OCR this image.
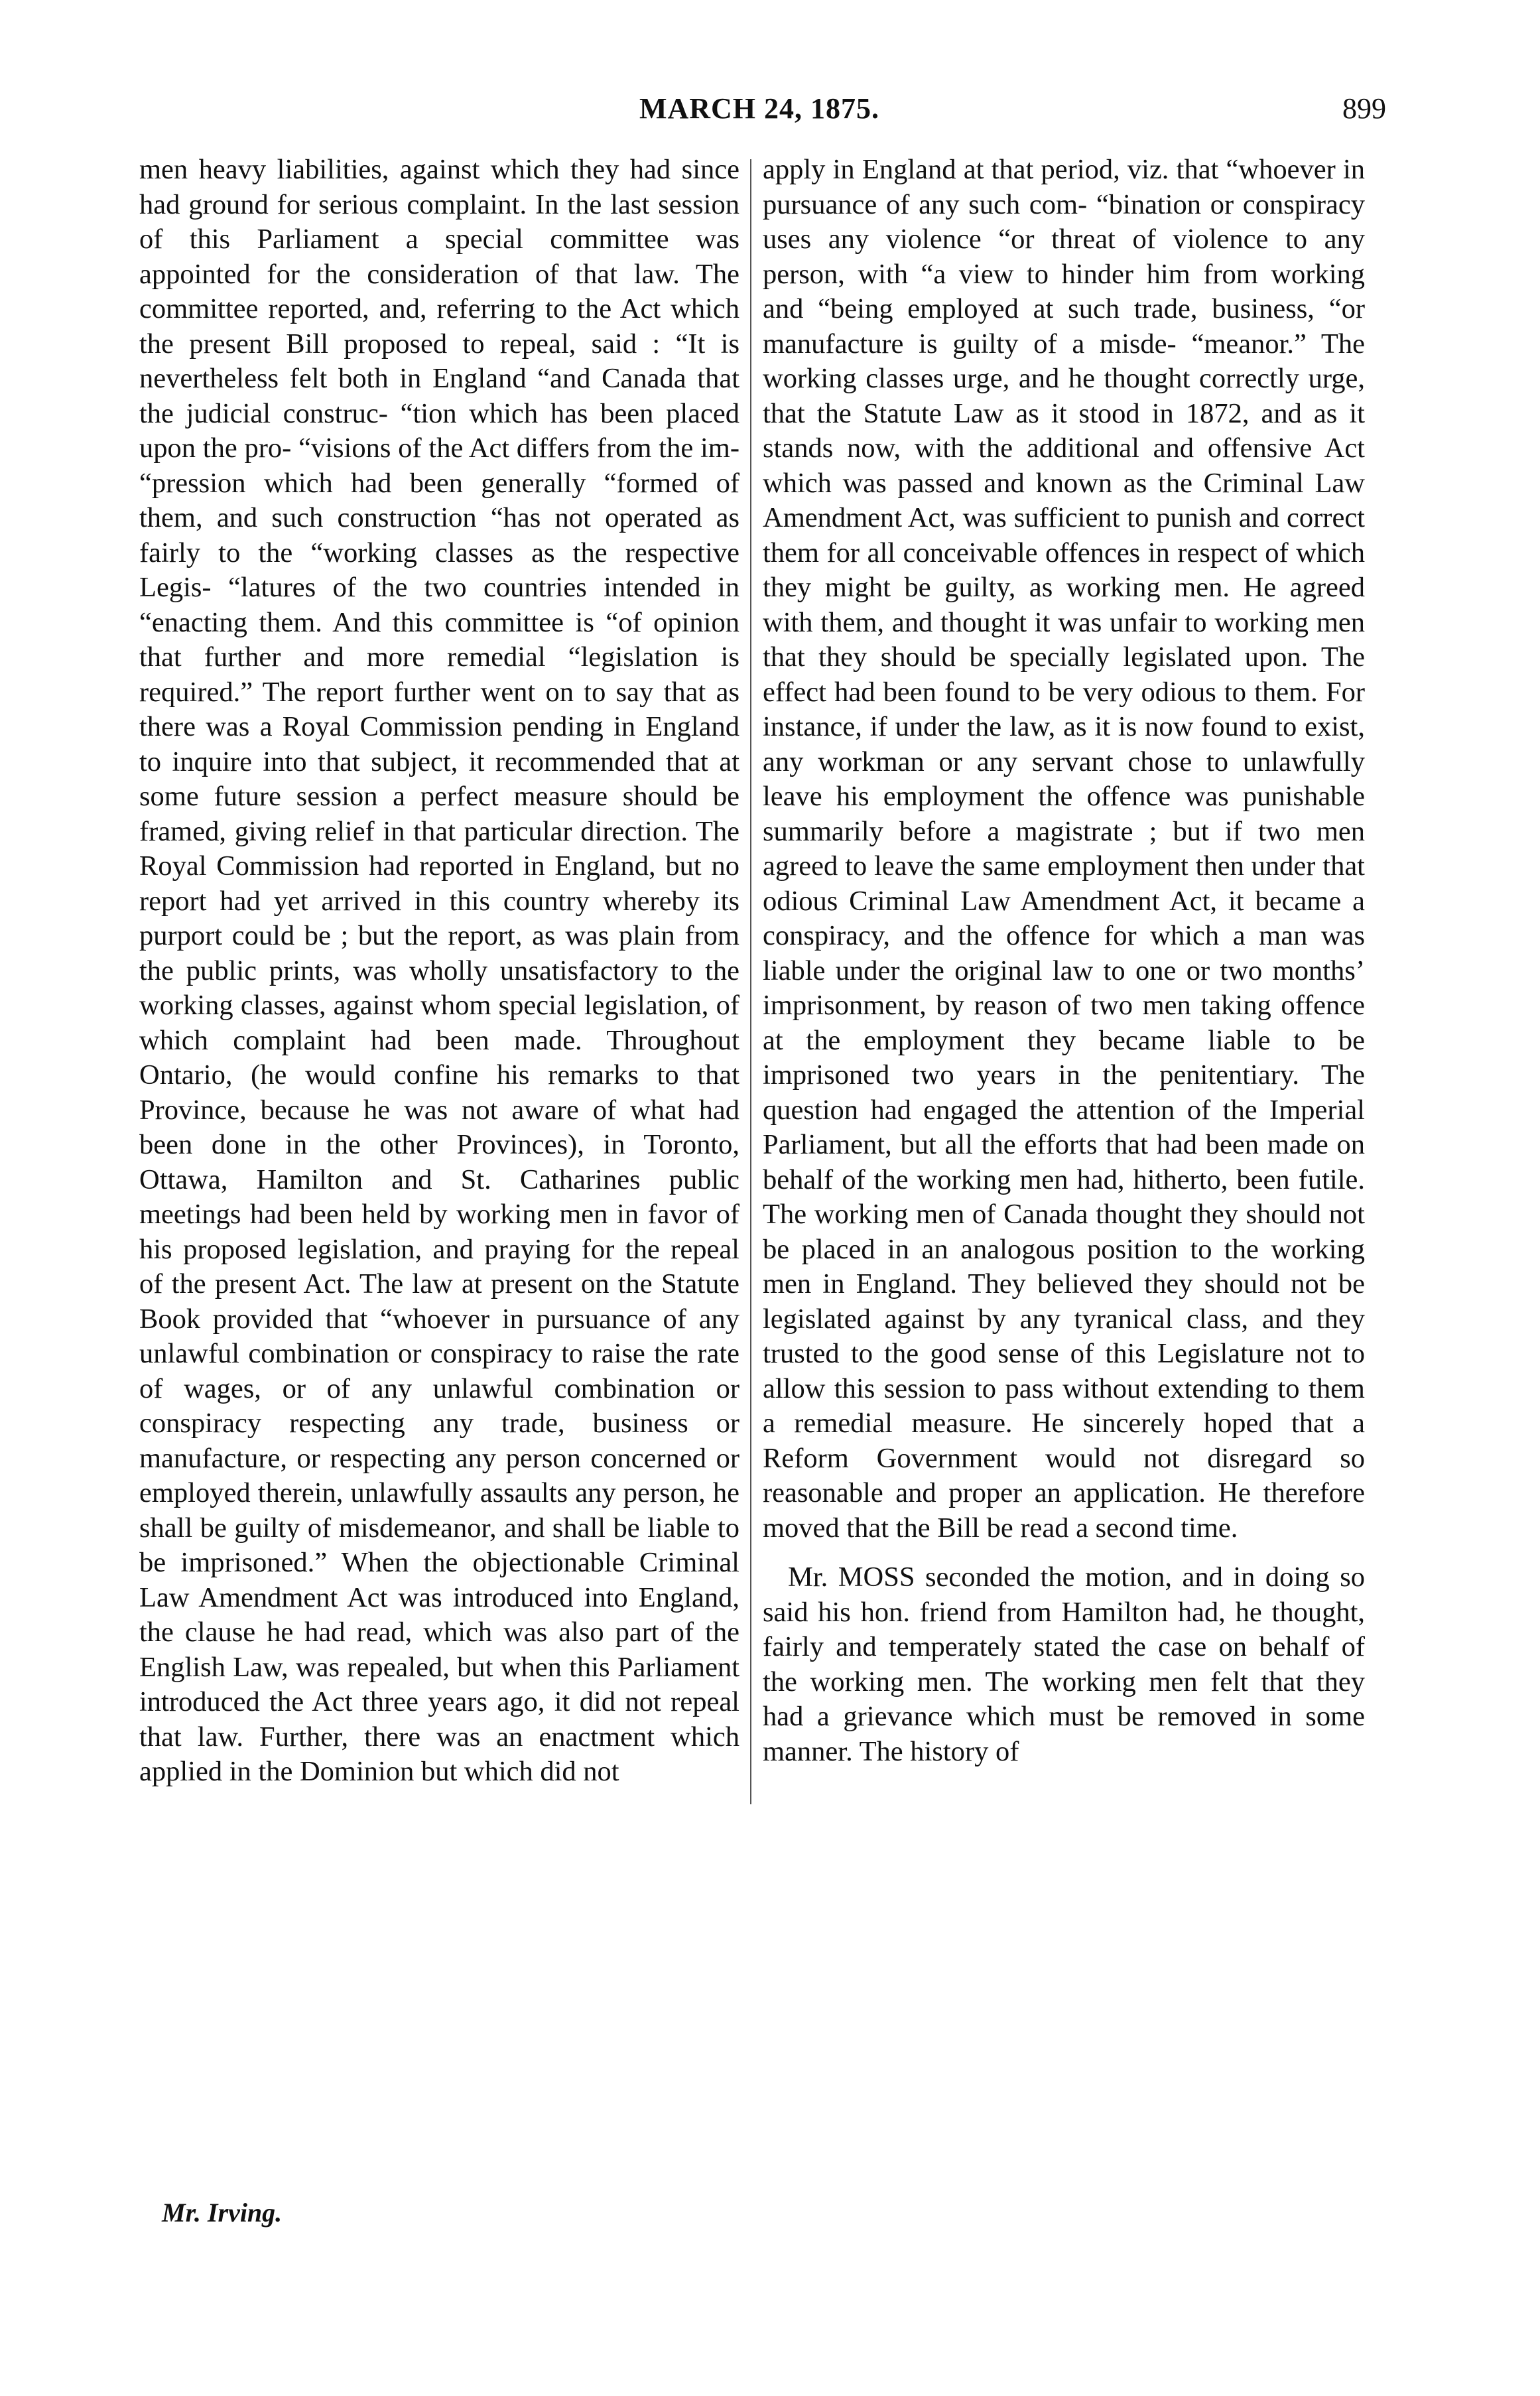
MARCH 24, 1875.	899

men heavy liabilities, against which they had since had ground for serious complaint. In the last session of this Parliament a special committee was appointed for the consideration of that law. The committee reported, and, referring to the Act which the present Bill proposed to repeal, said : “It is nevertheless felt both in England “and Canada that the judicial construc- “tion which has been placed upon the pro- “visions of the Act differs from the im- “pression which had been generally “formed of them, and such construction “has not operated as fairly to the “working classes as the respective Legis- “latures of the two countries intended in “enacting them. And this committee is “of opinion that further and more remedial “legislation is required.” The report further went on to say that as there was a Royal Commission pending in England to inquire into that subject, it recommended that at some future session a perfect measure should be framed, giving relief in that particular direction. The Royal Commission had reported in England, but no report had yet arrived in this country whereby its purport could be ; but the report, as was plain from the public prints, was wholly unsatisfactory to the working classes, against whom special legislation, of which complaint had been made. Throughout Ontario, (he would confine his remarks to that Province, because he was not aware of what had been done in the other Provinces), in Toronto, Ottawa, Hamilton and St. Catharines public meetings had been held by working men in favor of his proposed legislation, and praying for the repeal of the present Act. The law at present on the Statute Book provided that “whoever in pursuance of any unlawful combination or conspiracy to raise the rate of wages, or of any unlawful combination or conspiracy respecting any trade, business or manufacture, or respecting any person concerned or employed therein, unlawfully assaults any person, he shall be guilty of misdemeanor, and shall be liable to be imprisoned.” When the objectionable Criminal Law Amendment Act was introduced into England, the clause he had read, which was also part of the English Law, was repealed, but when this Parliament introduced the Act three years ago, it did not repeal that law. Further, there was an enactment which applied in the Dominion but which did not

apply in England at that period, viz. that “whoever in pursuance of any such com- “bination or conspiracy uses any violence “or threat of violence to any person, with “a view to hinder him from working and “being employed at such trade, business, “or manufacture is guilty of a misde- “meanor.” The working classes urge, and he thought correctly urge, that the Statute Law as it stood in 1872, and as it stands now, with the additional and offensive Act which was passed and known as the Criminal Law Amendment Act, was sufficient to punish and correct them for all conceivable offences in respect of which they might be guilty, as working men. He agreed with them, and thought it was unfair to working men that they should be specially legislated upon. The effect had been found to be very odious to them. For instance, if under the law, as it is now found to exist, any workman or any servant chose to unlawfully leave his employment the offence was punishable summarily before a magistrate ; but if two men agreed to leave the same employment then under that odious Criminal Law Amendment Act, it became a conspiracy, and the offence for which a man was liable under the original law to one or two months’ imprisonment, by reason of two men taking offence at the employment they became liable to be imprisoned two years in the penitentiary. The question had engaged the attention of the Imperial Parliament, but all the efforts that had been made on behalf of the working men had, hitherto, been futile. The working men of Canada thought they should not be placed in an analogous position to the working men in England. They believed they should not be legislated against by any tyranical class, and they trusted to the good sense of this Legislature not to allow this session to pass without extending to them a remedial measure. He sincerely hoped that a Reform Government would not disregard so reasonable and proper an application. He therefore moved that the Bill be read a second time.

Mr. MOSS seconded the motion, and in doing so said his hon. friend from Hamilton had, he thought, fairly and temperately stated the case on behalf of the working men. The working men felt that they had a grievance which must be removed in some manner. The history of

Mr. Irving.
